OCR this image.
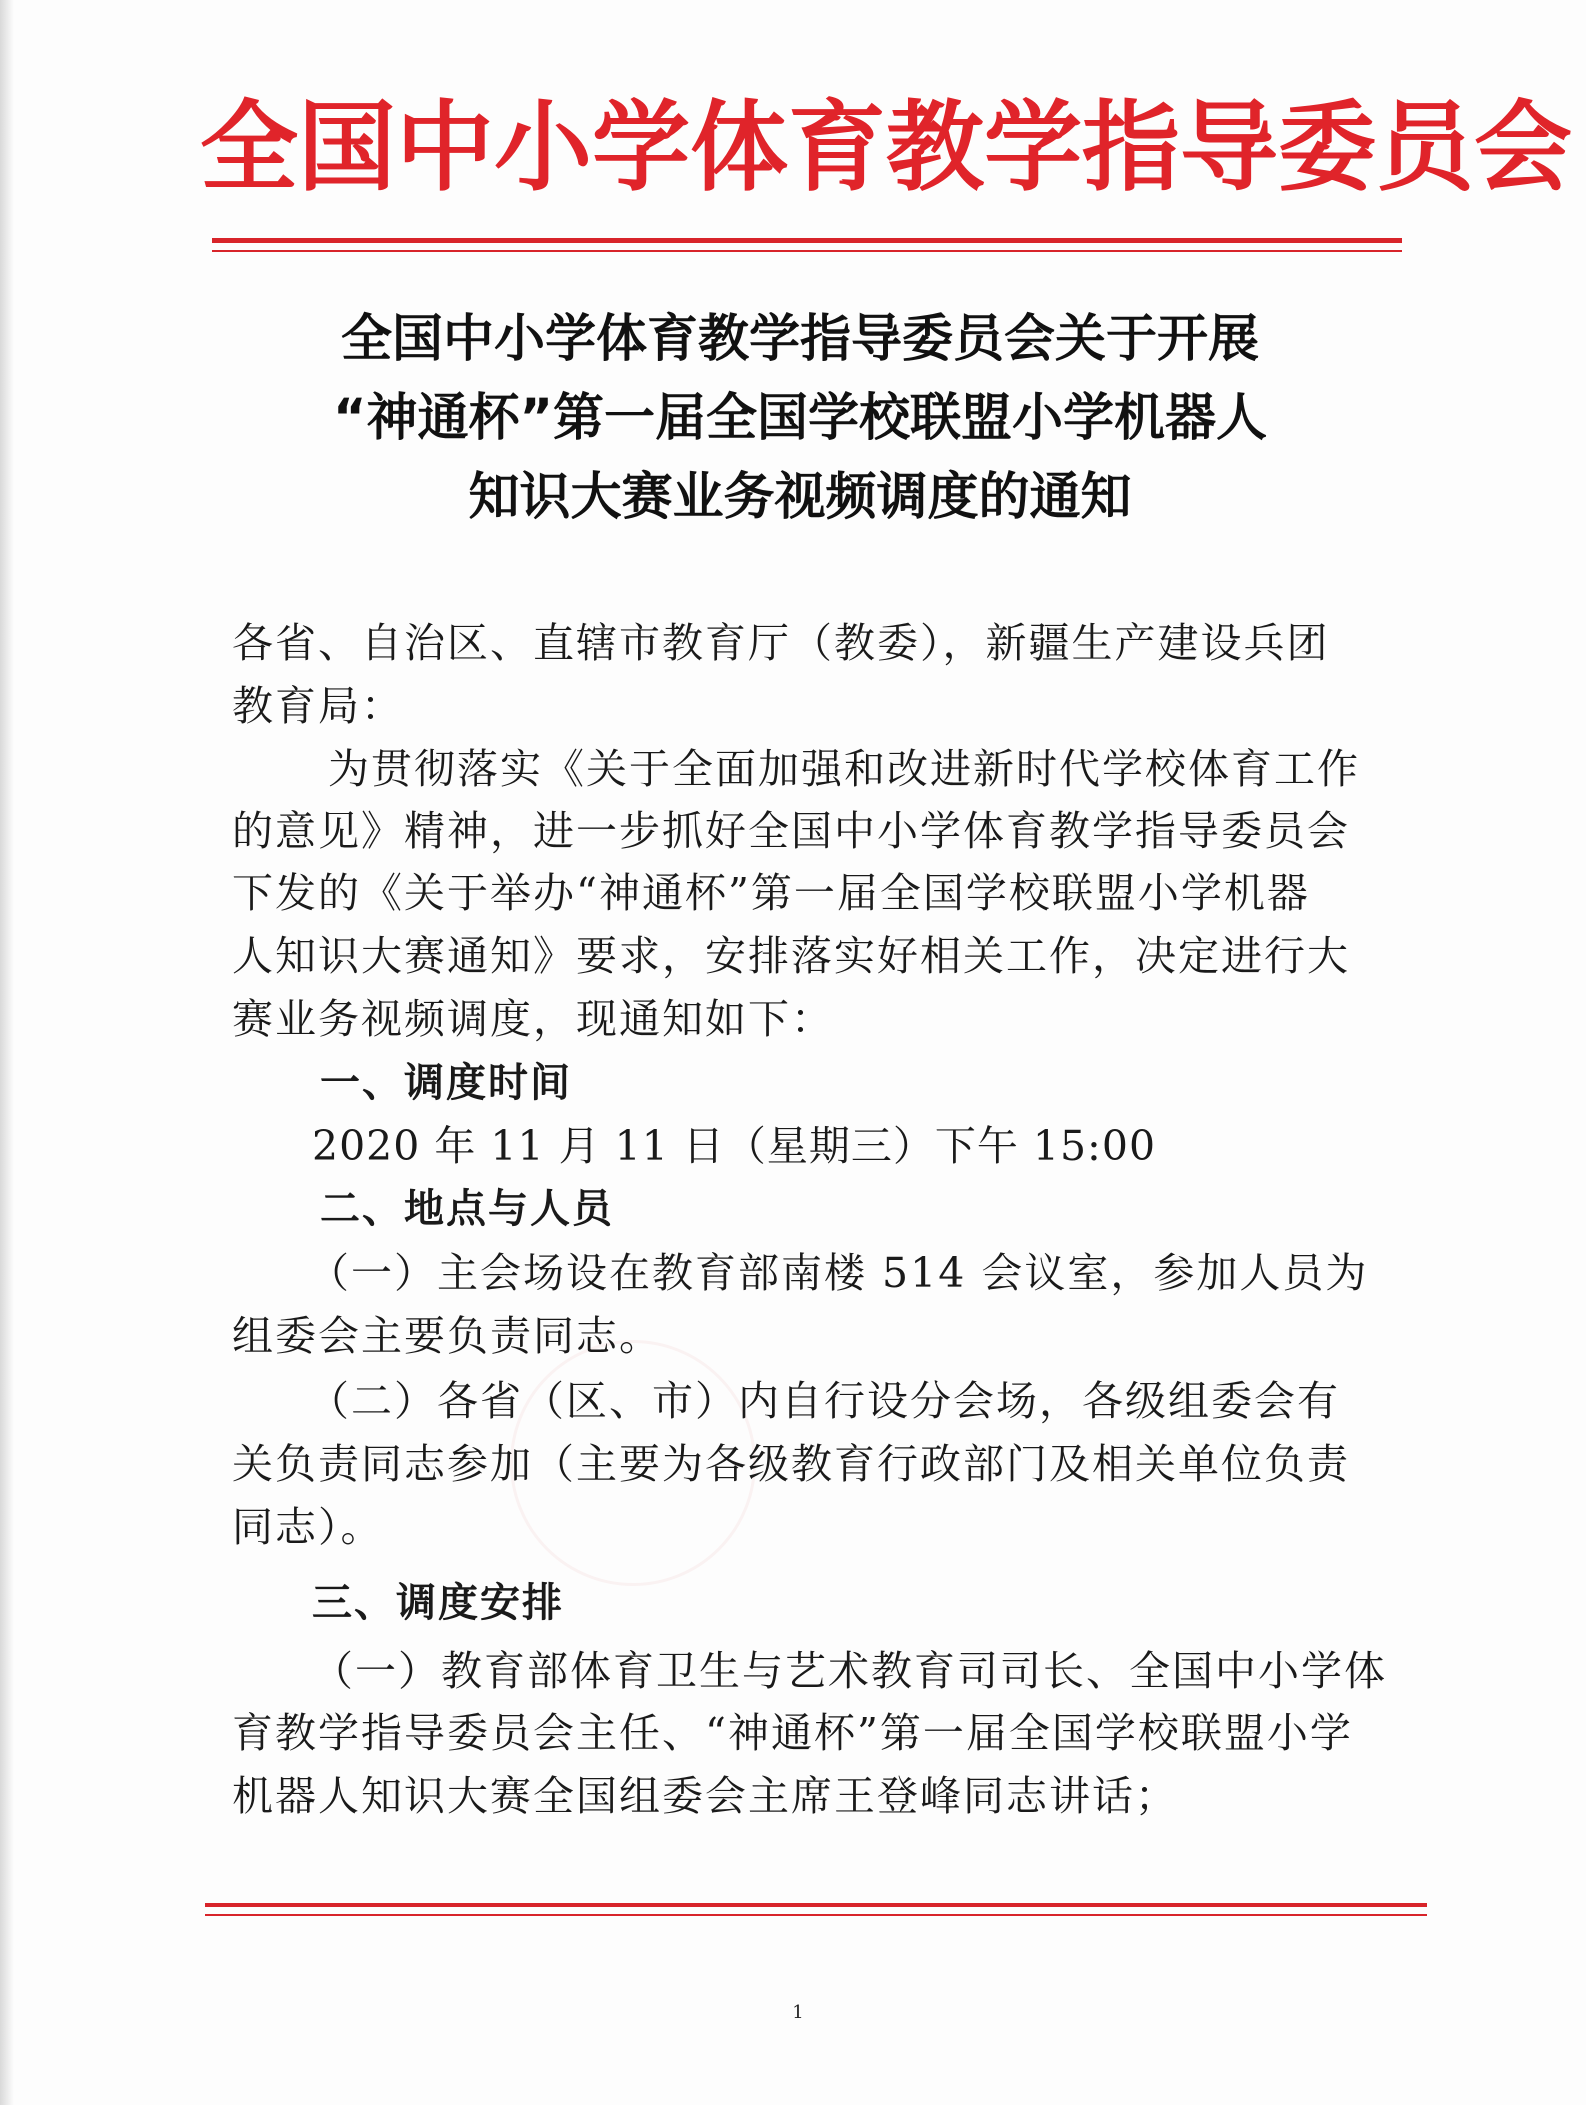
全国中小学体育教学指导委员会
全国中小学体育教学指导委员会关于开展
“神通杯”第一届全国学校联盟小学机器人
知识大赛业务视频调度的通知
各省、自治区、直辖市教育厅（教委），新疆生产建设兵团
教育局：
为贯彻落实《关于全面加强和改进新时代学校体育工作
的意见》精神，进一步抓好全国中小学体育教学指导委员会
下发的《关于举办“神通杯”第一届全国学校联盟小学机器
人知识大赛通知》要求，安排落实好相关工作，决定进行大
赛业务视频调度，现通知如下：
一、调度时间
2020 年 11 月 11 日（星期三）下午 15:00
二、地点与人员
（一）主会场设在教育部南楼 514 会议室，参加人员为
组委会主要负责同志。
（二）各省（区、市）内自行设分会场，各级组委会有
关负责同志参加（主要为各级教育行政部门及相关单位负责
同志）。
三、调度安排
（一）教育部体育卫生与艺术教育司司长、全国中小学体
育教学指导委员会主任、“神通杯”第一届全国学校联盟小学
机器人知识大赛全国组委会主席王登峰同志讲话；
1
